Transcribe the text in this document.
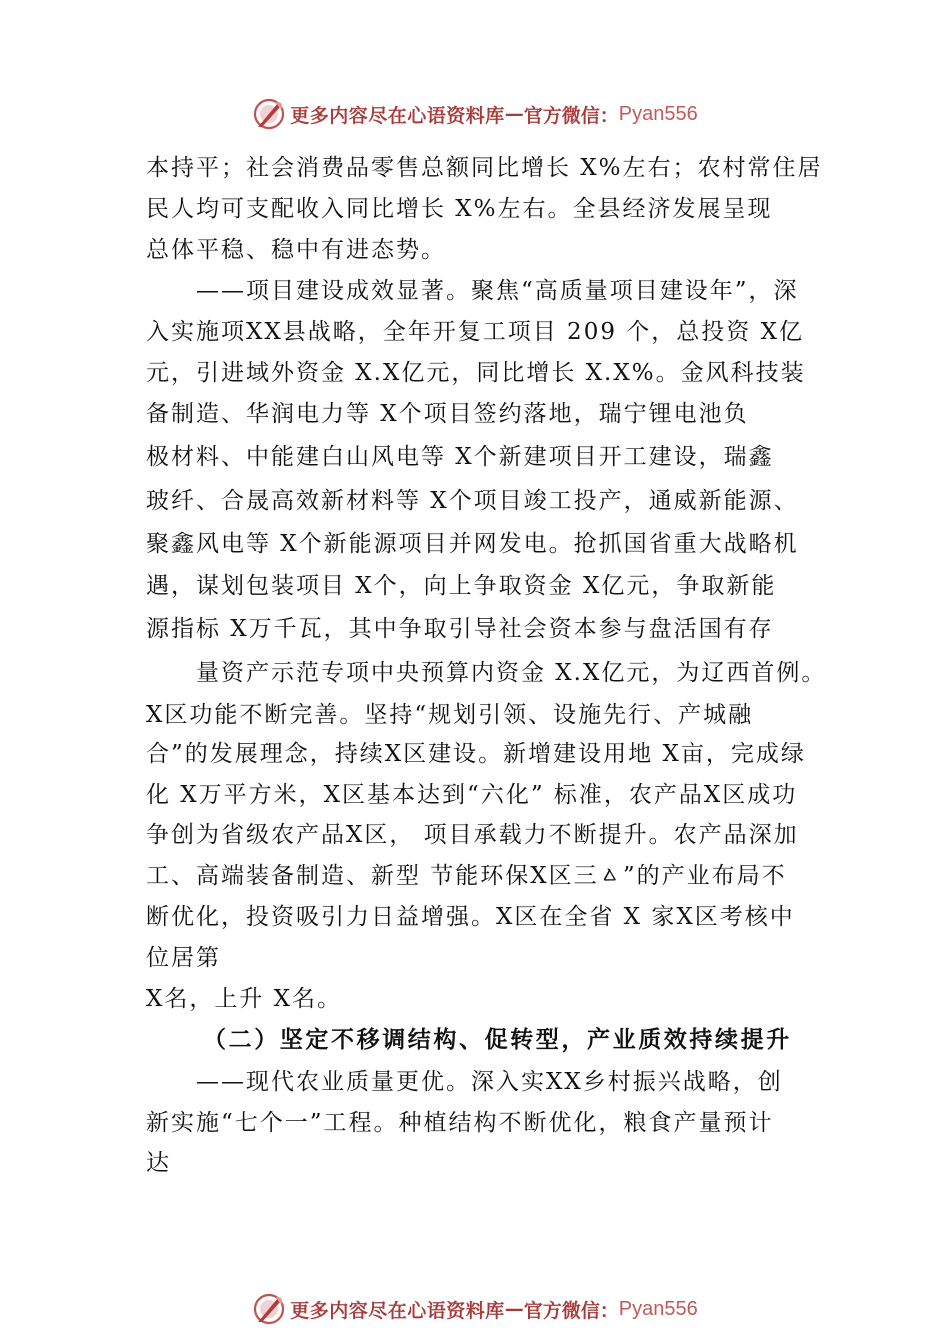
更多内容尽在心语资料库 — 官方微信： Pyan556
本持平；社会消费品零售总额同比增长 X%左右；农村常住居
民人均可支配收入同比增长 X%左右。全县经济发展呈现
总体平稳、稳中有进态势。
——项目建设成效显著。聚焦“高质量项目建设年”，深
入实施项XX县战略，全年开复工项目 209 个，总投资 X亿
元，引进域外资金 X.X亿元，同比增长 X.X%。金风科技装
备制造、华润电力等 X个项目签约落地，瑞宁锂电池负
极材料、中能建白山风电等 X个新建项目开工建设，瑞鑫
玻纤、合晟高效新材料等 X个项目竣工投产，通威新能源、
聚鑫风电等 X个新能源项目并网发电。抢抓国省重大战略机
遇，谋划包装项目 X个，向上争取资金 X亿元，争取新能
源指标 X万千瓦，其中争取引导社会资本参与盘活国有存
量资产示范专项中央预算内资金 X.X亿元，为辽西首例。
X区功能不断完善。坚持“规划引领、设施先行、产城融
合”的发展理念，持续X区建设。新增建设用地 X亩，完成绿
化 X万平方米，X区基本达到“六化” 标准，农产品X区成功
争创为省级农产品X区， 项目承载力不断提升。农产品深加
工、高端装备制造、新型 节能环保X区三ㅿ”的产业布局不
断优化，投资吸引力日益增强。X区在全省 X 家X区考核中
位居第
X名，上升 X名。
（二）坚定不移调结构、促转型，产业质效持续提升
——现代农业质量更优。深入实XX乡村振兴战略，创
新实施“七个一”工程。种植结构不断优化，粮食产量预计
达
更多内容尽在心语资料库 — 官方微信： Pyan556
